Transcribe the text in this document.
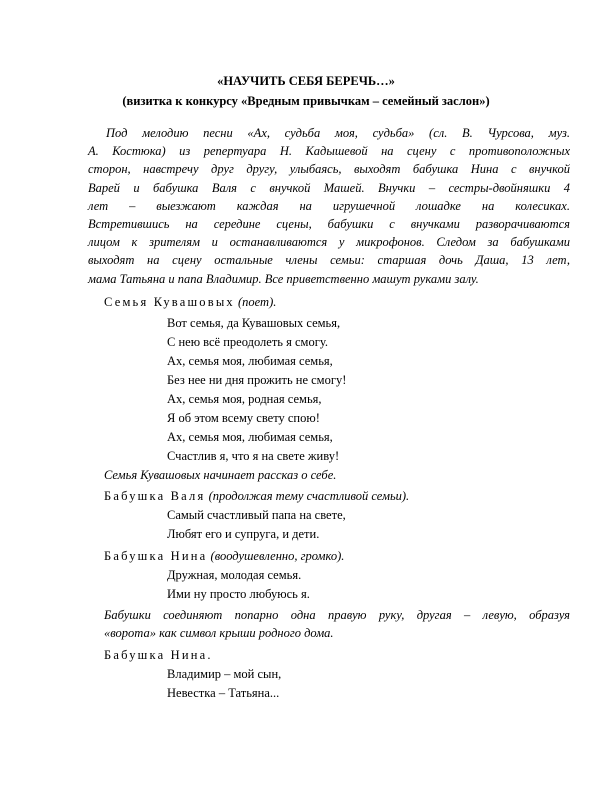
«НАУЧИТЬ СЕБЯ БЕРЕЧЬ…»
(визитка к конкурсу «Вредным привычкам – семейный заслон»)
Под мелодию песни «Ах, судьба моя, судьба» (сл. В. Чурсова, муз.
А. Костюка) из репертуара Н. Кадышевой на сцену с противоположных
сторон, навстречу друг другу, улыбаясь, выходят бабушка Нина с внучкой
Варей и бабушка Валя с внучкой Машей. Внучки – сестры-двойняшки 4
лет – выезжают каждая на игрушечной лошадке на колесиках.
Встретившись на середине сцены, бабушки с внучками разворачиваются
лицом к зрителям и останавливаются у микрофонов. Следом за бабушками
выходят на сцену остальные члены семьи: старшая дочь Даша, 13 лет,
мама Татьяна и папа Владимир. Все приветственно машут руками залу.
Семья Кувашовых (поет).
Вот семья, да Кувашовых семья,
С нею всё преодолеть я смогу.
Ах, семья моя, любимая семья,
Без нее ни дня прожить не смогу!
Ах, семья моя, родная семья,
Я об этом всему свету спою!
Ах, семья моя, любимая семья,
Счастлив я, что я на свете живу!
Семья Кувашовых начинает рассказ о себе.
Бабушка Валя (продолжая тему счастливой семьи).
Самый счастливый папа на свете,
Любят его и супруга, и дети.
Бабушка Нина (воодушевленно, громко).
Дружная, молодая семья.
Ими ну просто любуюсь я.
Бабушки соединяют попарно одна правую руку, другая – левую, образуя
«ворота» как символ крыши родного дома.
Бабушка Нина.
Владимир – мой сын,
Невестка – Татьяна...
